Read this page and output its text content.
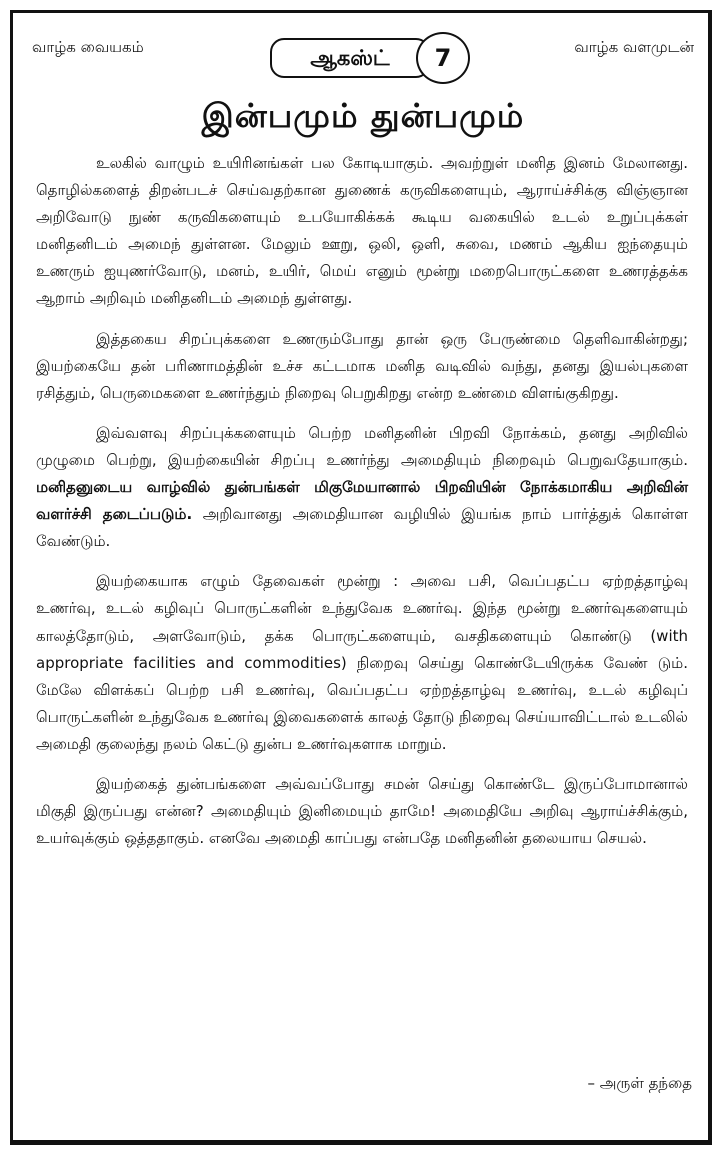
வாழ்க வையகம்	ஆகஸ்ட்	7	வாழ்க வளமுடன்
இன்பமும் துன்பமும்

உலகில் வாழும் உயிரினங்கள் பல கோடியாகும். அவற்றுள் மனித இனம் மேலானது. தொழில்களைத் திறன்படச் செய்வதற்கான துணைக் கருவிகளையும், ஆராய்ச்சிக்கு விஞ்ஞான அறிவோடு நுண் கருவிகளையும் உபயோகிக்கக் கூடிய வகையில் உடல் உறுப்புக்கள் மனிதனிடம் அமைந் துள்ளன. மேலும் ஊறு, ஒலி, ஒளி, சுவை, மணம் ஆகிய ஐந்தையும் உணரும் ஐயுணர்வோடு, மனம், உயிர், மெய் எனும் மூன்று மறைபொருட்களை உணரத்தக்க ஆறாம் அறிவும் மனிதனிடம் அமைந் துள்ளது.

இத்தகைய சிறப்புக்களை உணரும்போது தான் ஒரு பேருண்மை தெளிவாகின்றது; இயற்கையே தன் பரிணாமத்தின் உச்ச கட்டமாக மனித வடிவில் வந்து, தனது இயல்புகளை ரசித்தும், பெருமைகளை உணர்ந்தும் நிறைவு பெறுகிறது என்ற உண்மை விளங்குகிறது.

இவ்வளவு சிறப்புக்களையும் பெற்ற மனிதனின் பிறவி நோக்கம், தனது அறிவில் முழுமை பெற்று, இயற்கையின் சிறப்பு உணர்ந்து அமைதியும் நிறைவும் பெறுவதேயாகும். மனிதனுடைய வாழ்வில் துன்பங்கள் மிகுமேயானால் பிறவியின் நோக்கமாகிய அறிவின் வளர்ச்சி தடைப்படும். அறிவானது அமைதியான வழியில் இயங்க நாம் பார்த்துக் கொள்ள வேண்டும்.

இயற்கையாக எழும் தேவைகள் மூன்று : அவை பசி, வெப்பதட்ப ஏற்றத்தாழ்வு உணர்வு, உடல் கழிவுப் பொருட்களின் உந்துவேக உணர்வு. இந்த மூன்று உணர்வுகளையும் காலத்தோடும், அளவோடும், தக்க பொருட்களையும், வசதிகளையும் கொண்டு (with appropriate facilities and commodities) நிறைவு செய்து கொண்டேயிருக்க வேண் டும். மேலே விளக்கப் பெற்ற பசி உணர்வு, வெப்பதட்ப ஏற்றத்தாழ்வு உணர்வு, உடல் கழிவுப் பொருட்களின் உந்துவேக உணர்வு இவைகளைக் காலத் தோடு நிறைவு செய்யாவிட்டால் உடலில் அமைதி குலைந்து நலம் கெட்டு துன்ப உணர்வுகளாக மாறும்.

இயற்கைத் துன்பங்களை அவ்வப்போது சமன் செய்து கொண்டே இருப்போமானால் மிகுதி இருப்பது என்ன? அமைதியும் இனிமையும் தாமே! அமைதியே அறிவு ஆராய்ச்சிக்கும், உயர்வுக்கும் ஒத்ததாகும். எனவே அமைதி காப்பது என்பதே மனிதனின் தலையாய செயல்.

– அருள் தந்தை
